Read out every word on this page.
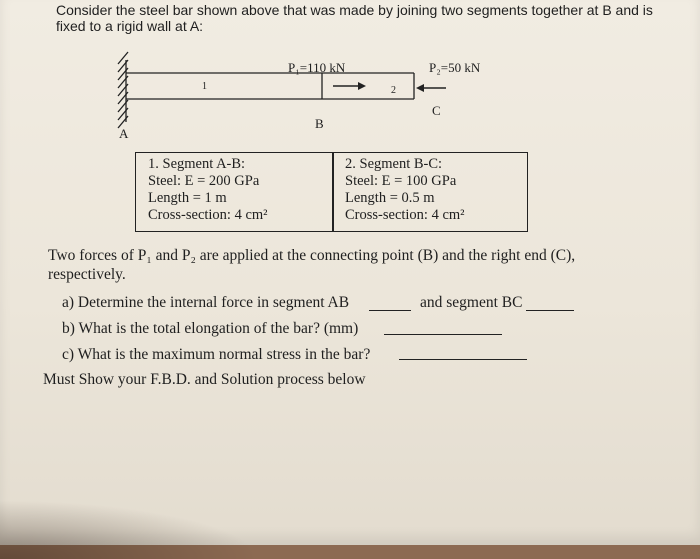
Consider the steel bar shown above that was made by joining two segments together at B and is
fixed to a rigid wall at A:
P₁=110 kN	P₂=50 kN
1	2
B
C
A
1. Segment A-B:
Steel: E = 200 GPa
Length = 1 m
Cross-section: 4 cm²
2. Segment B-C:
Steel: E = 100 GPa
Length = 0.5 m
Cross-section: 4 cm²
Two forces of P₁ and P₂ are applied at the connecting point (B) and the right end (C),
respectively.
a) Determine the internal force in segment AB	and segment BC
b) What is the total elongation of the bar? (mm)
c) What is the maximum normal stress in the bar?
Must Show your F.B.D. and Solution process below
